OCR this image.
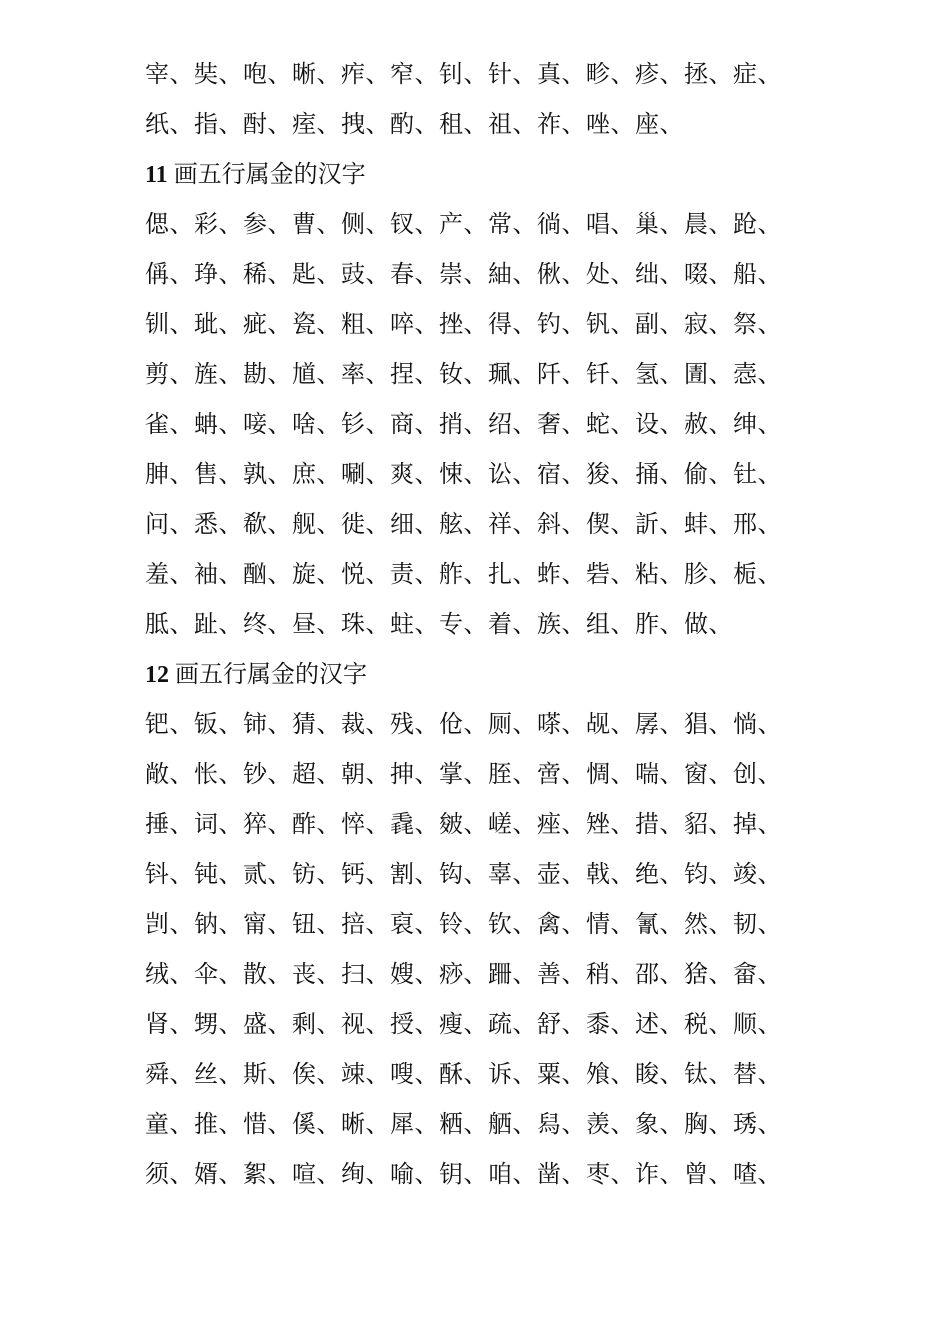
宰、奘、咆、晰、痄、窄、钊、针、真、畛、疹、拯、症、
纸、指、酎、痓、拽、酌、租、祖、祚、唑、座、
11 画五行属金的汉字
偲、彩、参、曹、侧、钗、产、常、徜、唱、巢、晨、跄、
偁、琤、稀、匙、豉、春、崇、紬、偢、处、绌、啜、船、
钏、玼、疵、瓷、粗、啐、挫、得、钓、钒、副、寂、祭、
剪、旌、勘、馗、率、捏、钕、珮、阡、钎、氢、圊、悫、
雀、蚺、唼、啥、钐、商、捎、绍、奢、蛇、设、赦、绅、
胂、售、孰、庶、唰、爽、悚、讼、宿、狻、捅、偷、钍、
问、悉、欷、舰、徙、细、舷、祥、斜、偰、訢、蚌、邢、
羞、袖、酗、旋、悦、责、舴、扎、蚱、砦、粘、胗、栀、
胝、趾、终、昼、珠、蛀、专、着、族、组、胙、做、
12 画五行属金的汉字
钯、钣、铈、猜、裁、残、伧、厕、嗏、觇、孱、猖、惝、
敞、怅、钞、超、朝、抻、掌、胵、啻、惆、喘、窗、创、
捶、词、猝、酢、悴、毳、皴、嵯、痤、矬、措、貂、掉、
钭、钝、贰、钫、钙、割、钩、辜、壶、戟、绝、钧、竣、
剀、钠、甯、钮、掊、裒、铃、钦、禽、情、氰、然、韧、
绒、伞、散、丧、扫、嫂、痧、跚、善、稍、邵、猞、畲、
肾、甥、盛、剩、视、授、瘦、疏、舒、黍、述、税、顺、
舜、丝、斯、俟、竦、嗖、酥、诉、粟、飧、睃、钛、替、
童、推、惜、傒、晰、犀、粞、舾、舄、羡、象、胸、琇、
须、婿、絮、喧、绚、喻、钥、咱、凿、枣、诈、曾、喳、
